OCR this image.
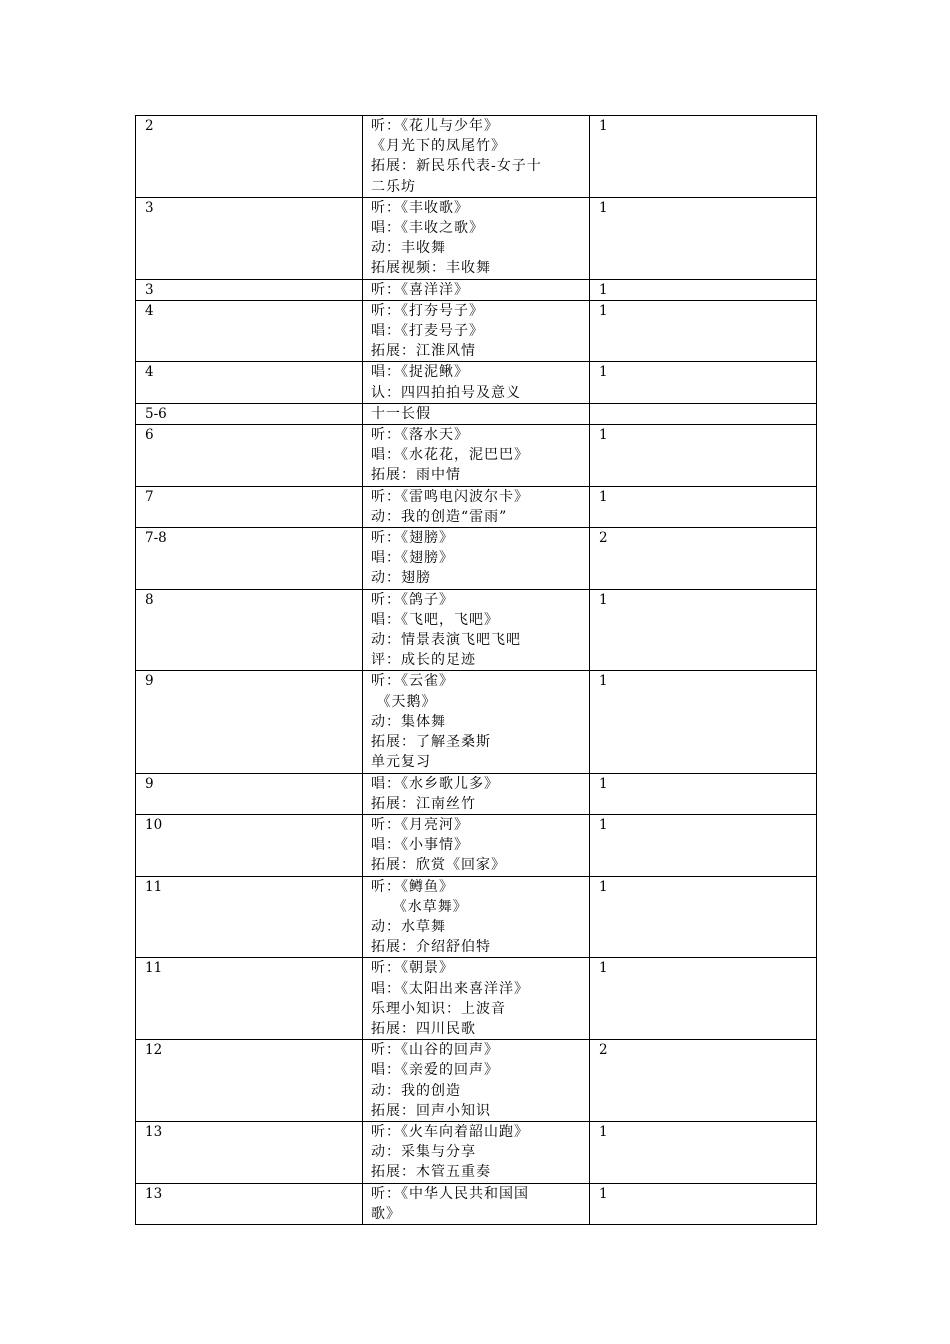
2	听：《花儿与少年》
《月光下的凤尾竹》
拓展：新民乐代表-女子十
二乐坊	1
3	听：《丰收歌》
唱：《丰收之歌》
动：丰收舞
拓展视频：丰收舞	1
3	听：《喜洋洋》	1
4	听：《打夯号子》
唱：《打麦号子》
拓展：江淮风情	1
4	唱：《捉泥鳅》
认：四四拍拍号及意义	1
5-6	十一长假	

6	听：《落水天》
唱：《水花花，泥巴巴》
拓展：雨中情	1
7	听：《雷鸣电闪波尔卡》
动：我的创造“雷雨”	1
7-8	听：《翅膀》
唱：《翅膀》
动：翅膀	2
8	听：《鸽子》
唱：《飞吧，飞吧》
动：情景表演飞吧飞吧
评：成长的足迹	1
9	听：《云雀》
《天鹅》
动：集体舞
拓展：了解圣桑斯
单元复习	1
9	唱：《水乡歌儿多》
拓展：江南丝竹	1
10	听：《月亮河》
唱：《小事情》
拓展：欣赏《回家》	1
11	听：《鳟鱼》
《水草舞》
动：水草舞
拓展：介绍舒伯特	1
11	听：《朝景》
唱：《太阳出来喜洋洋》
乐理小知识：上波音
拓展：四川民歌	1
12	听：《山谷的回声》
唱：《亲爱的回声》
动：我的创造
拓展：回声小知识	2
13	听：《火车向着韶山跑》
动：采集与分享
拓展：木管五重奏	1
13	听：《中华人民共和国国
歌》	1
